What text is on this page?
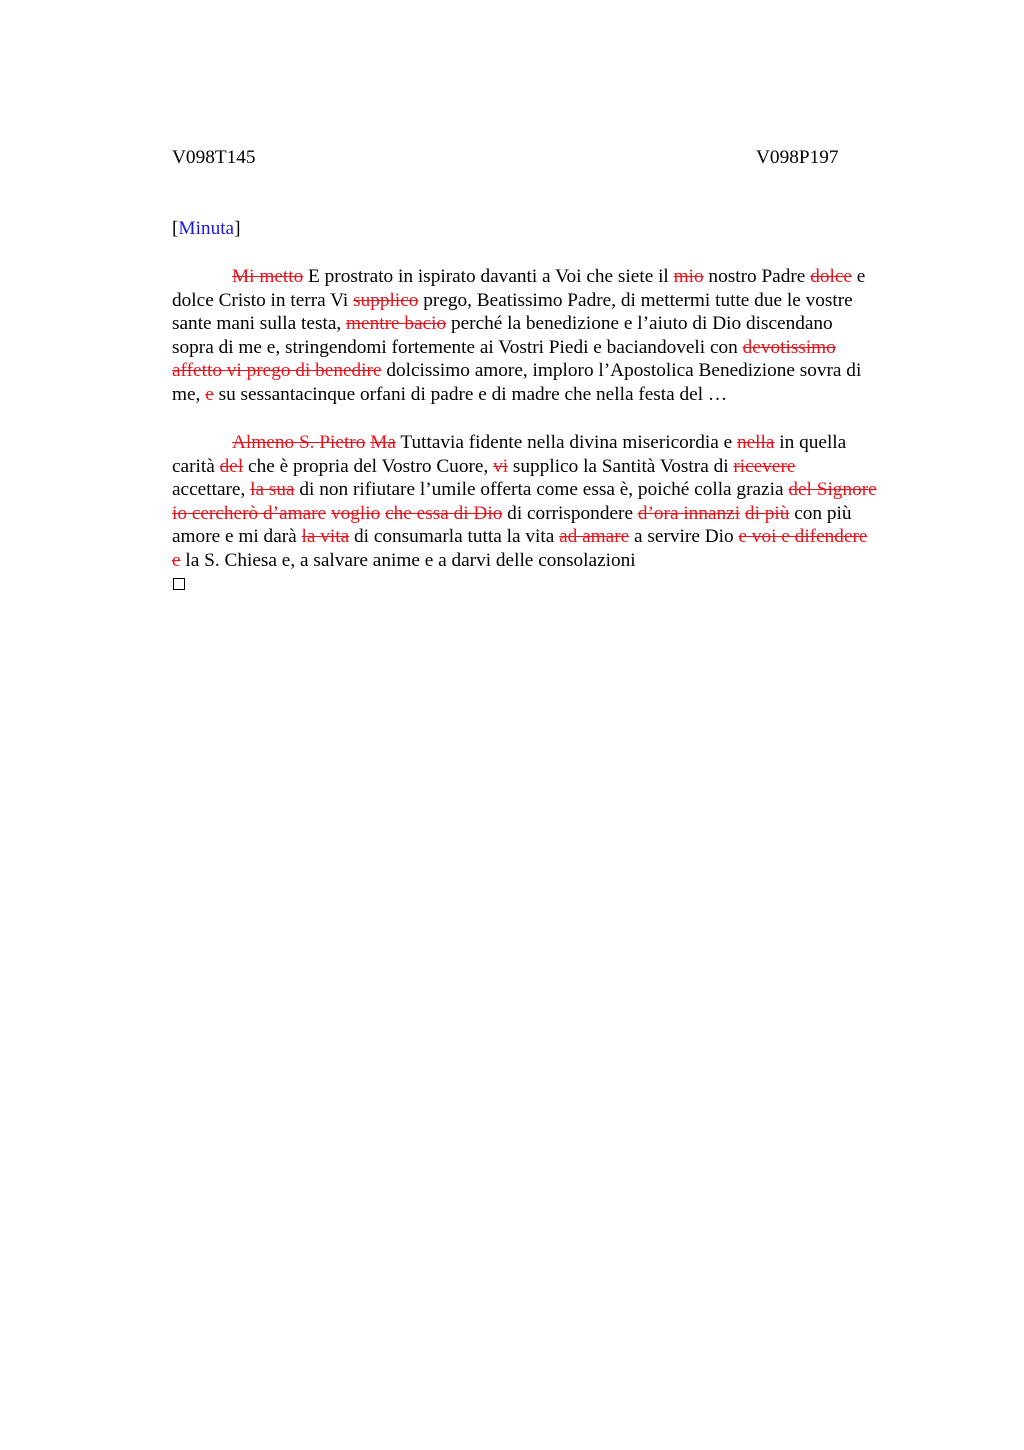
V098T145	V098P197
[Minuta]
Mi metto E prostrato in ispirato davanti a Voi che siete il mio nostro Padre dolce e
dolce Cristo in terra Vi supplico prego, Beatissimo Padre, di mettermi tutte due le vostre
sante mani sulla testa, mentre bacio perché la benedizione e l’aiuto di Dio discendano
sopra di me e, stringendomi fortemente ai Vostri Piedi e baciandoveli con devotissimo
affetto vi prego di benedire dolcissimo amore, imploro l’Apostolica Benedizione sovra di
me, e su sessantacinque orfani di padre e di madre che nella festa del …
Almeno S. Pietro Ma Tuttavia fidente nella divina misericordia e nella in quella
carità del che è propria del Vostro Cuore, vi supplico la Santità Vostra di ricevere
accettare, la sua di non rifiutare l’umile offerta come essa è, poiché colla grazia del Signore
io cercherò d’amare voglio che essa di Dio di corrispondere d’ora innanzi di più con più
amore e mi darà la vita di consumarla tutta la vita ad amare a servire Dio e voi e difendere
e la S. Chiesa e, a salvare anime e a darvi delle consolazioni
